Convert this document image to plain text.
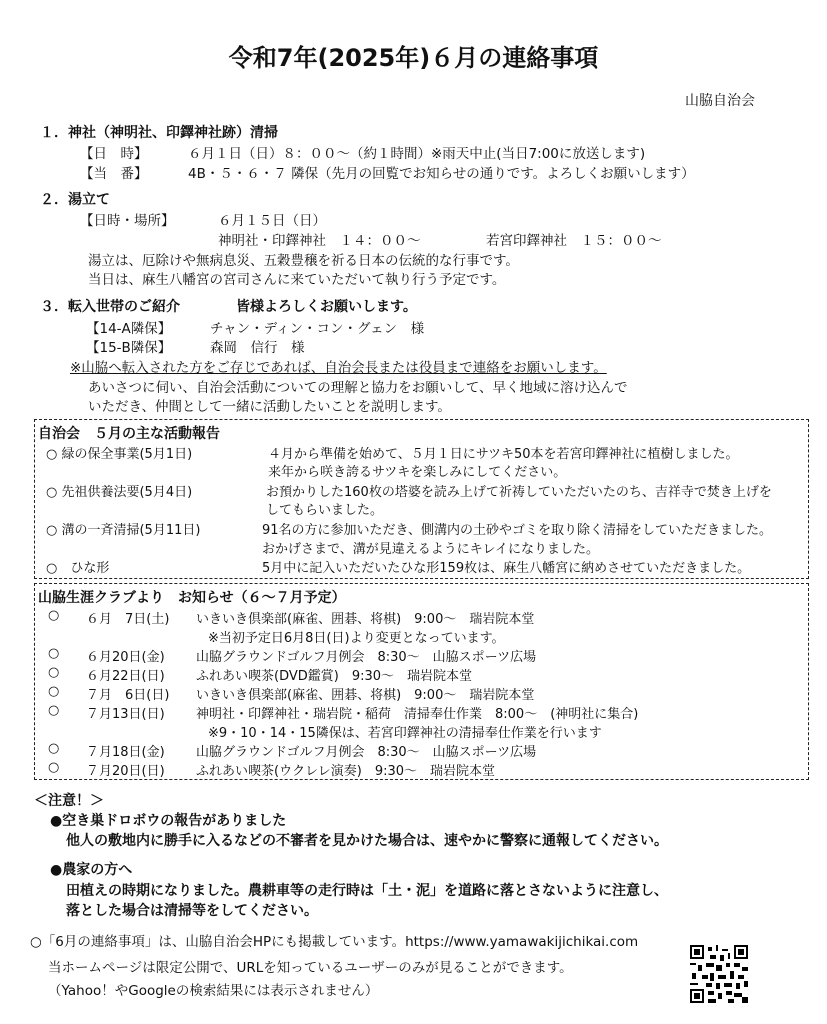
令和7年(2025年)６月の連絡事項
山脇自治会
１．神社（神明社、印鐸神社跡）清掃
【日　時】	６月１日（日）８：００～（約１時間）※雨天中止(当日7:00に放送します)
【当　番】	4B・５・６・７ 隣保（先月の回覧でお知らせの通りです。よろしくお願いします）
２．湯立て
【日時・場所】	６月１５日（日）
神明社・印鐸神社　１４：００～	若宮印鐸神社　１５：００～
湯立は、厄除けや無病息災、五穀豊穣を祈る日本の伝統的な行事です。
当日は、麻生八幡宮の宮司さんに来ていただいて執り行う予定です。
３．転入世帯のご紹介	皆様よろしくお願いします。
【14-A隣保】	チャン・ディン・コン・グェン　様
【15-B隣保】	森岡　信行　様
※山脇へ転入された方をご存じであれば、自治会長または役員まで連絡をお願いします。
あいさつに伺い、自治会活動についての理解と協力をお願いして、早く地域に溶け込んで
いただき、仲間として一緒に活動したいことを説明します。
自治会　５月の主な活動報告
○ 緑の保全事業(5月1日)	４月から準備を始めて、５月１日にサツキ50本を若宮印鐸神社に植樹しました。
来年から咲き誇るサツキを楽しみにしてください。
○ 先祖供養法要(5月4日)	お預かりした160枚の塔婆を読み上げて祈祷していただいたのち、吉祥寺で焚き上げを
してもらいました。
○ 溝の一斉清掃(5月11日)	91名の方に参加いただき、側溝内の土砂やゴミを取り除く清掃をしていただきました。
おかげさまで、溝が見違えるようにキレイになりました。
○　ひな形	5月中に記入いただいたひな形159枚は、麻生八幡宮に納めさせていただきました。
山脇生涯クラブより　お知らせ（６～７月予定）
○ ６月　7日(土) いきいき倶楽部(麻雀、囲碁、将棋)　9:00～　瑞岩院本堂
※当初予定日6月8日(日)より変更となっています。
○ ６月20日(金) 山脇グラウンドゴルフ月例会　8:30～　山脇スポーツ広場
○ ６月22日(日) ふれあい喫茶(DVD鑑賞)　9:30～　瑞岩院本堂
○ ７月　6日(日) いきいき倶楽部(麻雀、囲碁、将棋)　9:00～　瑞岩院本堂
○ ７月13日(日) 神明社・印鐸神社・瑞岩院・稲荷　清掃奉仕作業　8:00～　(神明社に集合)
※9・10・14・15隣保は、若宮印鐸神社の清掃奉仕作業を行います
○ ７月18日(金) 山脇グラウンドゴルフ月例会　8:30～　山脇スポーツ広場
○ ７月20日(日) ふれあい喫茶(ウクレレ演奏)　9:30～　瑞岩院本堂
＜注意！＞
●空き巣ドロボウの報告がありました
他人の敷地内に勝手に入るなどの不審者を見かけた場合は、速やかに警察に通報してください。
●農家の方へ
田植えの時期になりました。農耕車等の走行時は「土・泥」を道路に落とさないように注意し、
落とした場合は清掃等をしてください。
○「6月の連絡事項」は、山脇自治会HPにも掲載しています。https://www.yamawakijichikai.com
当ホームページは限定公開で、URLを知っているユーザーのみが見ることができます。
（Yahoo！やGoogleの検索結果には表示されません）
